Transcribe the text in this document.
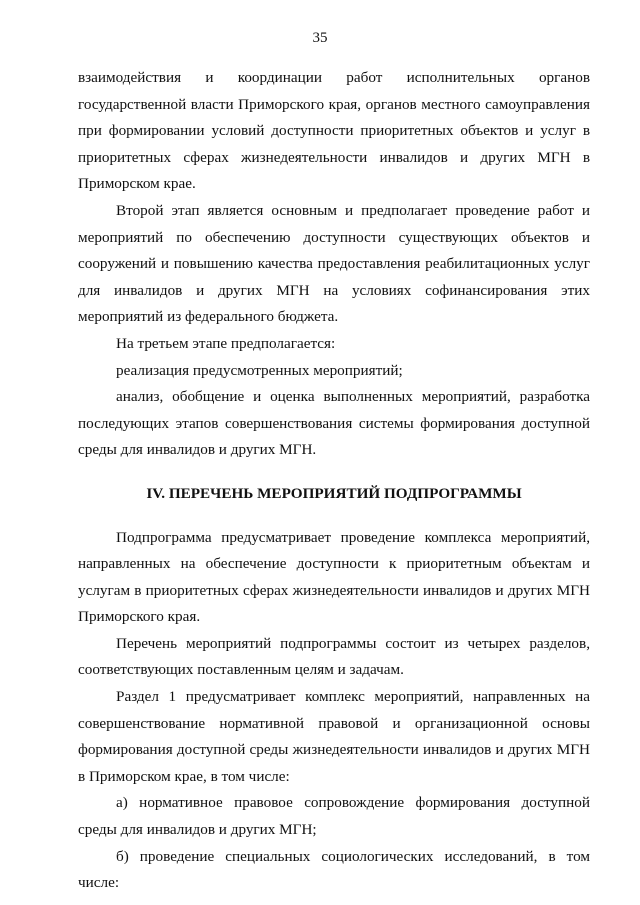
35

взаимодействия и координации работ исполнительных органов государственной власти Приморского края, органов местного самоуправления при формировании условий доступности приоритетных объектов и услуг в приоритетных сферах жизнедеятельности инвалидов и других МГН в Приморском крае.

Второй этап является основным и предполагает проведение работ и мероприятий по обеспечению доступности существующих объектов и сооружений и повышению качества предоставления реабилитационных услуг для инвалидов и других МГН на условиях софинансирования этих мероприятий из федерального бюджета.

На третьем этапе предполагается:

реализация предусмотренных мероприятий;

анализ, обобщение и оценка выполненных мероприятий, разработка последующих этапов совершенствования системы формирования доступной среды для инвалидов и других МГН.

IV. ПЕРЕЧЕНЬ МЕРОПРИЯТИЙ ПОДПРОГРАММЫ

Подпрограмма предусматривает проведение комплекса мероприятий, направленных на обеспечение доступности к приоритетным объектам и услугам в приоритетных сферах жизнедеятельности инвалидов и других МГН Приморского края.

Перечень мероприятий подпрограммы состоит из четырех разделов, соответствующих поставленным целям и задачам.

Раздел 1 предусматривает комплекс мероприятий, направленных на совершенствование нормативной правовой и организационной основы формирования доступной среды жизнедеятельности инвалидов и других МГН в Приморском крае, в том числе:

а) нормативное правовое сопровождение формирования доступной среды для инвалидов и других МГН;

б) проведение специальных социологических исследований, в том числе:
